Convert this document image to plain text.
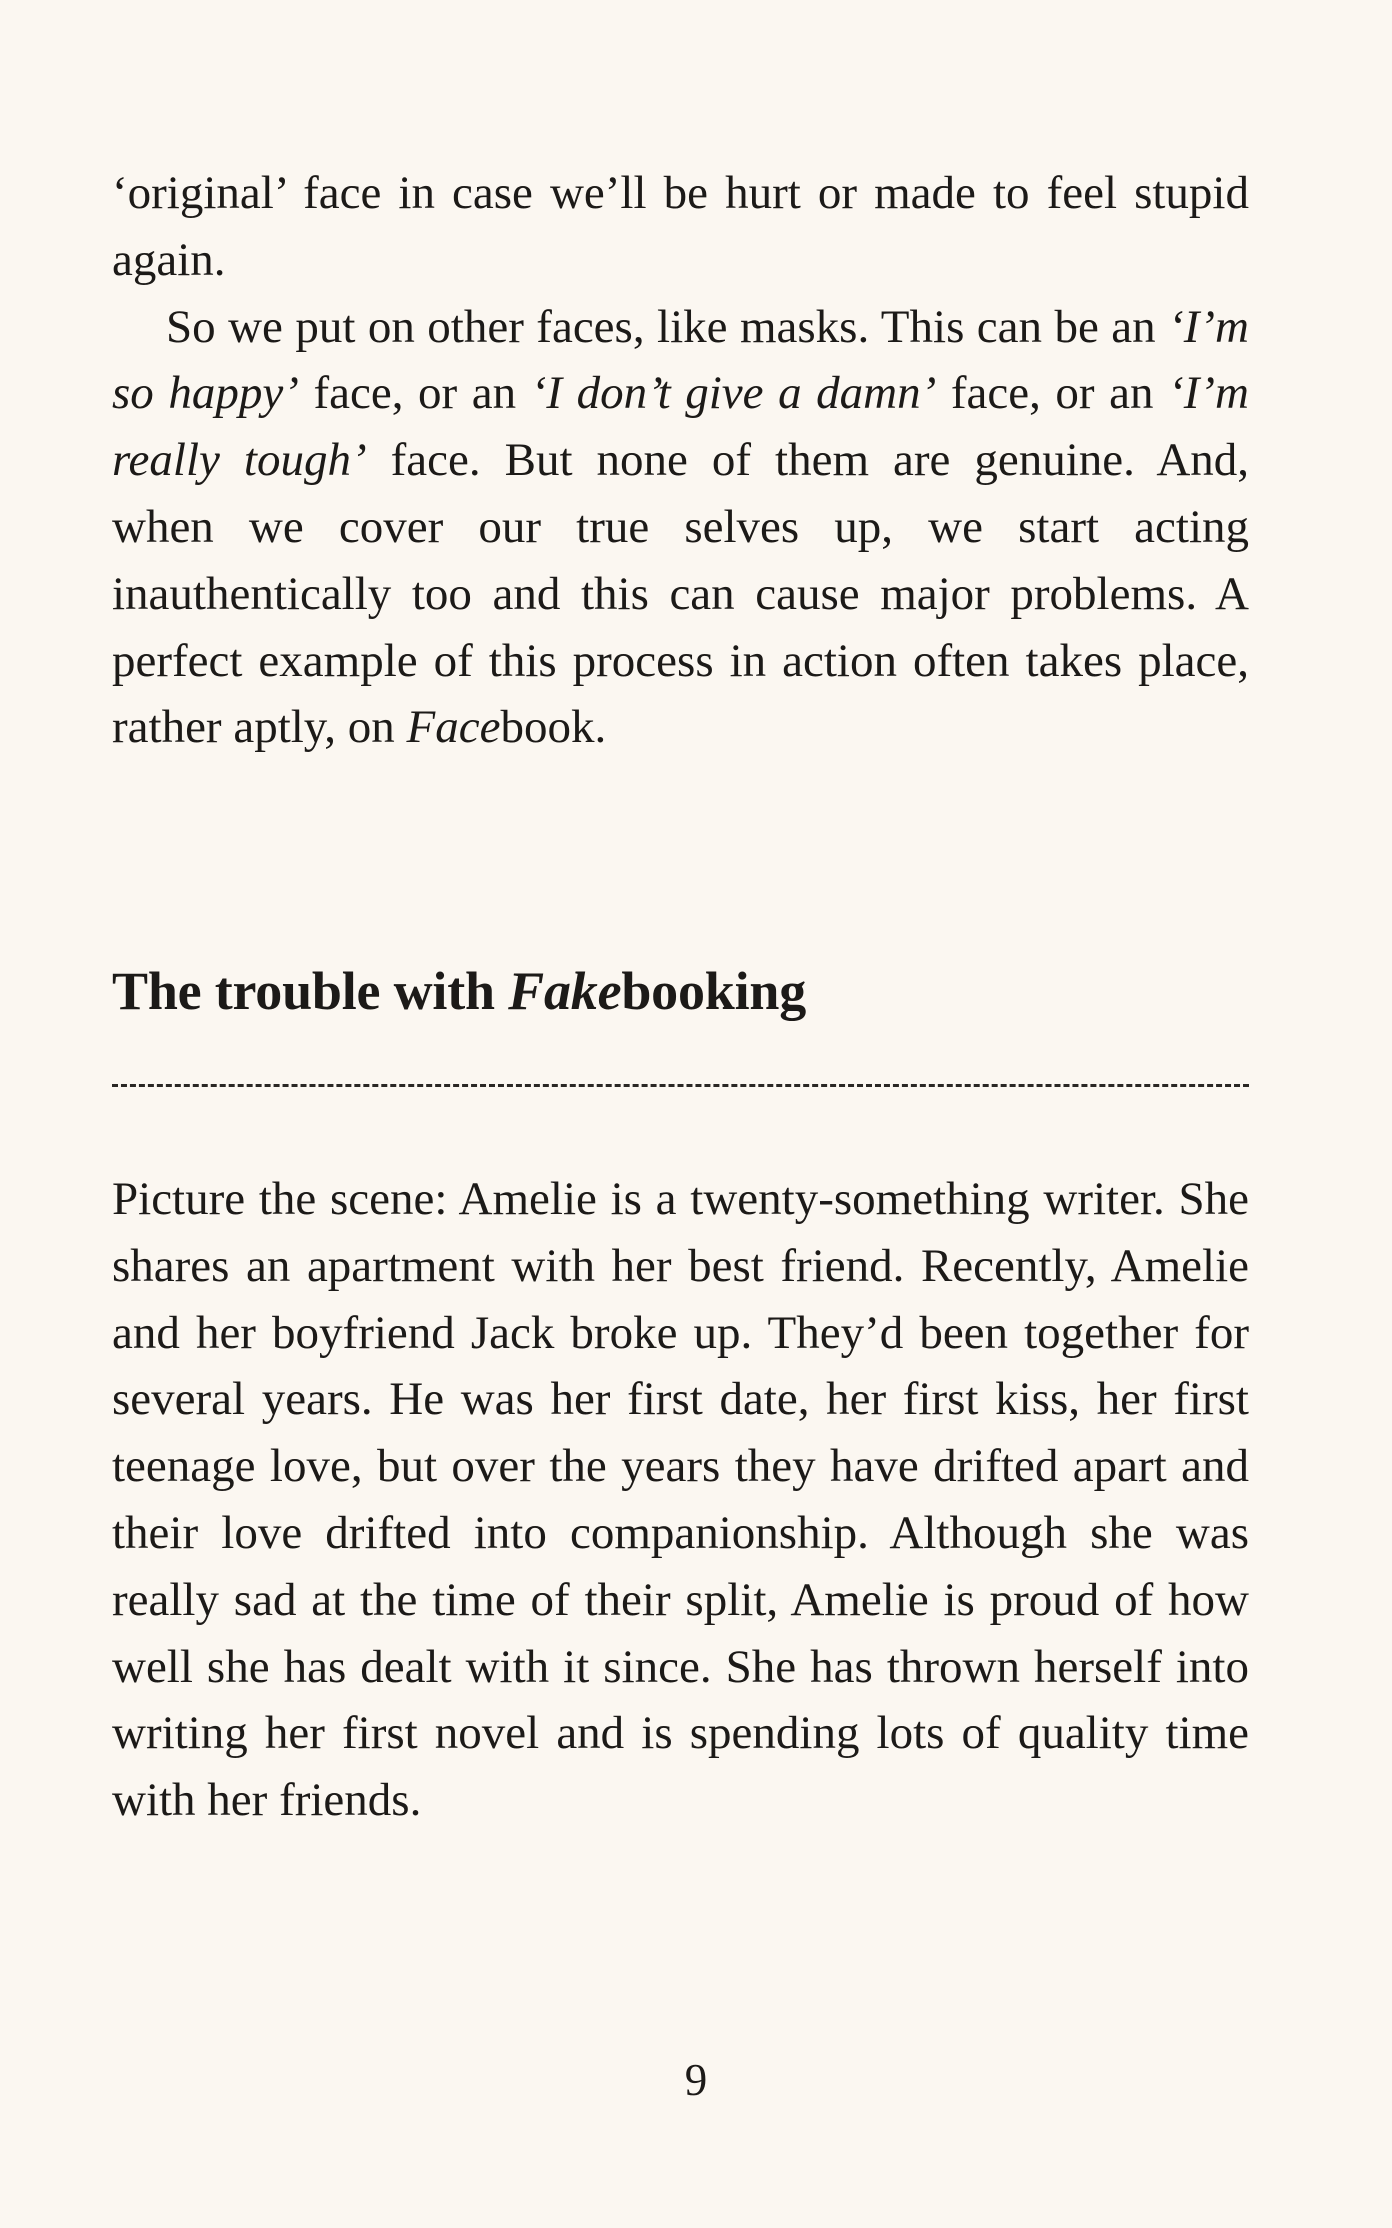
‘original’ face in case we’ll be hurt or made to feel stupid again.

So we put on other faces, like masks. This can be an ‘I’m so happy’ face, or an ‘I don’t give a damn’ face, or an ‘I’m really tough’ face. But none of them are genuine. And, when we cover our true selves up, we start acting inauthentically too and this can cause major problems. A perfect example of this process in action often takes place, rather aptly, on Facebook.

The trouble with Fakebooking

Picture the scene: Amelie is a twenty-something writer. She shares an apartment with her best friend. Recently, Amelie and her boyfriend Jack broke up. They’d been together for several years. He was her first date, her first kiss, her first teenage love, but over the years they have drifted apart and their love drifted into companionship. Although she was really sad at the time of their split, Amelie is proud of how well she has dealt with it since. She has thrown herself into writing her first novel and is spending lots of quality time with her friends.

9
